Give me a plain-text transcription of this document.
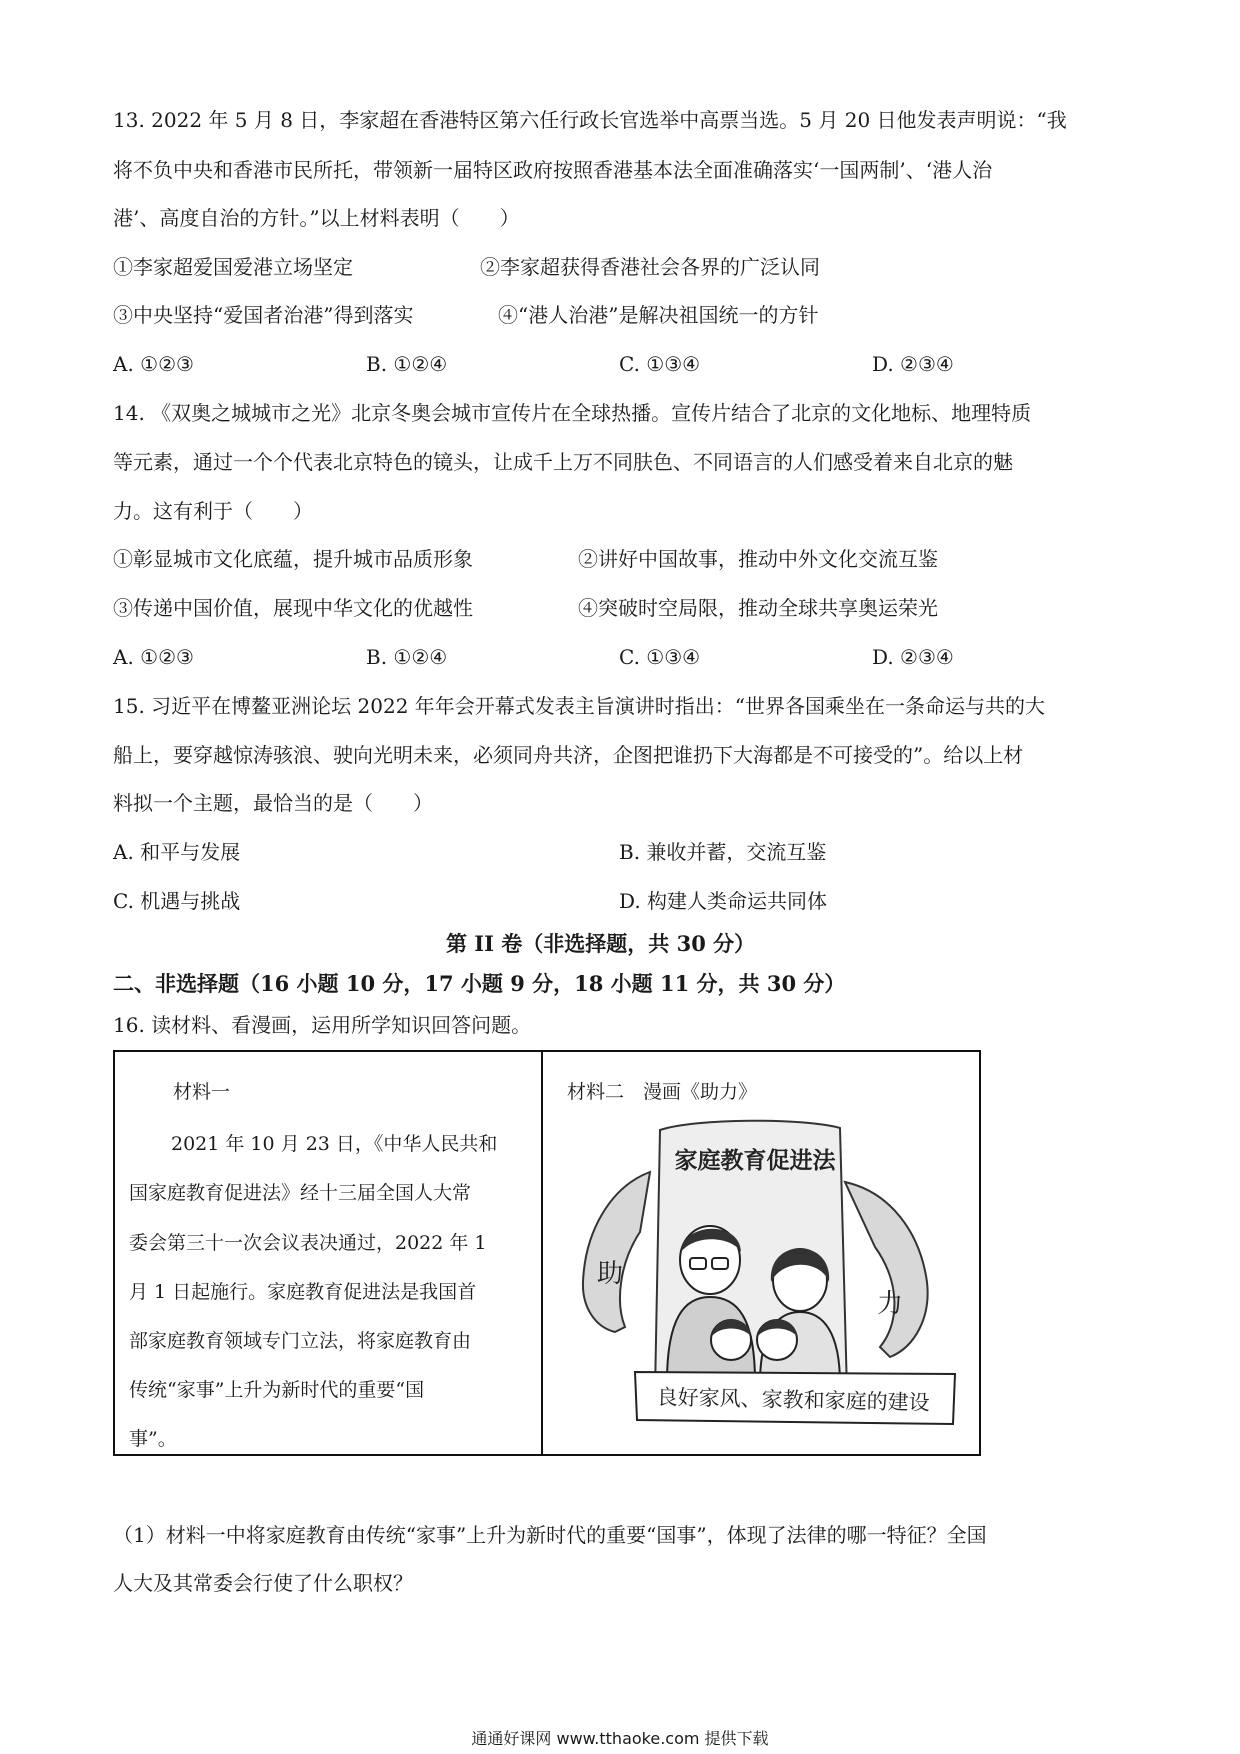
13. 2022 年 5 月 8 日，李家超在香港特区第六任行政长官选举中高票当选。5 月 20 日他发表声明说：“我
将不负中央和香港市民所托，带领新一届特区政府按照香港基本法全面准确落实‘一国两制’、‘港人治
港’、高度自治的方针。”以上材料表明（　　）
①李家超爱国爱港立场坚定	②李家超获得香港社会各界的广泛认同
③中央坚持“爱国者治港”得到落实	④“港人治港”是解决祖国统一的方针
A. ①②③	B. ①②④	C. ①③④	D. ②③④
14. 《双奥之城城市之光》北京冬奥会城市宣传片在全球热播。宣传片结合了北京的文化地标、地理特质
等元素，通过一个个代表北京特色的镜头，让成千上万不同肤色、不同语言的人们感受着来自北京的魅
力。这有利于（　　）
①彰显城市文化底蕴，提升城市品质形象	②讲好中国故事，推动中外文化交流互鉴
③传递中国价值，展现中华文化的优越性	④突破时空局限，推动全球共享奥运荣光
A. ①②③	B. ①②④	C. ①③④	D. ②③④
15. 习近平在博鳌亚洲论坛 2022 年年会开幕式发表主旨演讲时指出：“世界各国乘坐在一条命运与共的大
船上，要穿越惊涛骇浪、驶向光明未来，必须同舟共济，企图把谁扔下大海都是不可接受的”。给以上材
料拟一个主题，最恰当的是（　　）
A. 和平与发展	B. 兼收并蓄，交流互鉴
C. 机遇与挑战	D. 构建人类命运共同体
第 II 卷（非选择题，共 30 分）
二、非选择题（16 小题 10 分，17 小题 9 分，18 小题 11 分，共 30 分）
16. 读材料、看漫画，运用所学知识回答问题。
材料一
2021 年 10 月 23 日，《中华人民共和
国家庭教育促进法》经十三届全国人大常
委会第三十一次会议表决通过，2022 年 1
月 1 日起施行。家庭教育促进法是我国首
部家庭教育领域专门立法，将家庭教育由
传统“家事”上升为新时代的重要“国
事”。
材料二　漫画《助力》
家庭教育促进法
助
力
良好家风、家教和家庭的建设
（1）材料一中将家庭教育由传统“家事”上升为新时代的重要“国事”，体现了法律的哪一特征？全国
人大及其常委会行使了什么职权？
通通好课网 www.tthaoke.com 提供下载
